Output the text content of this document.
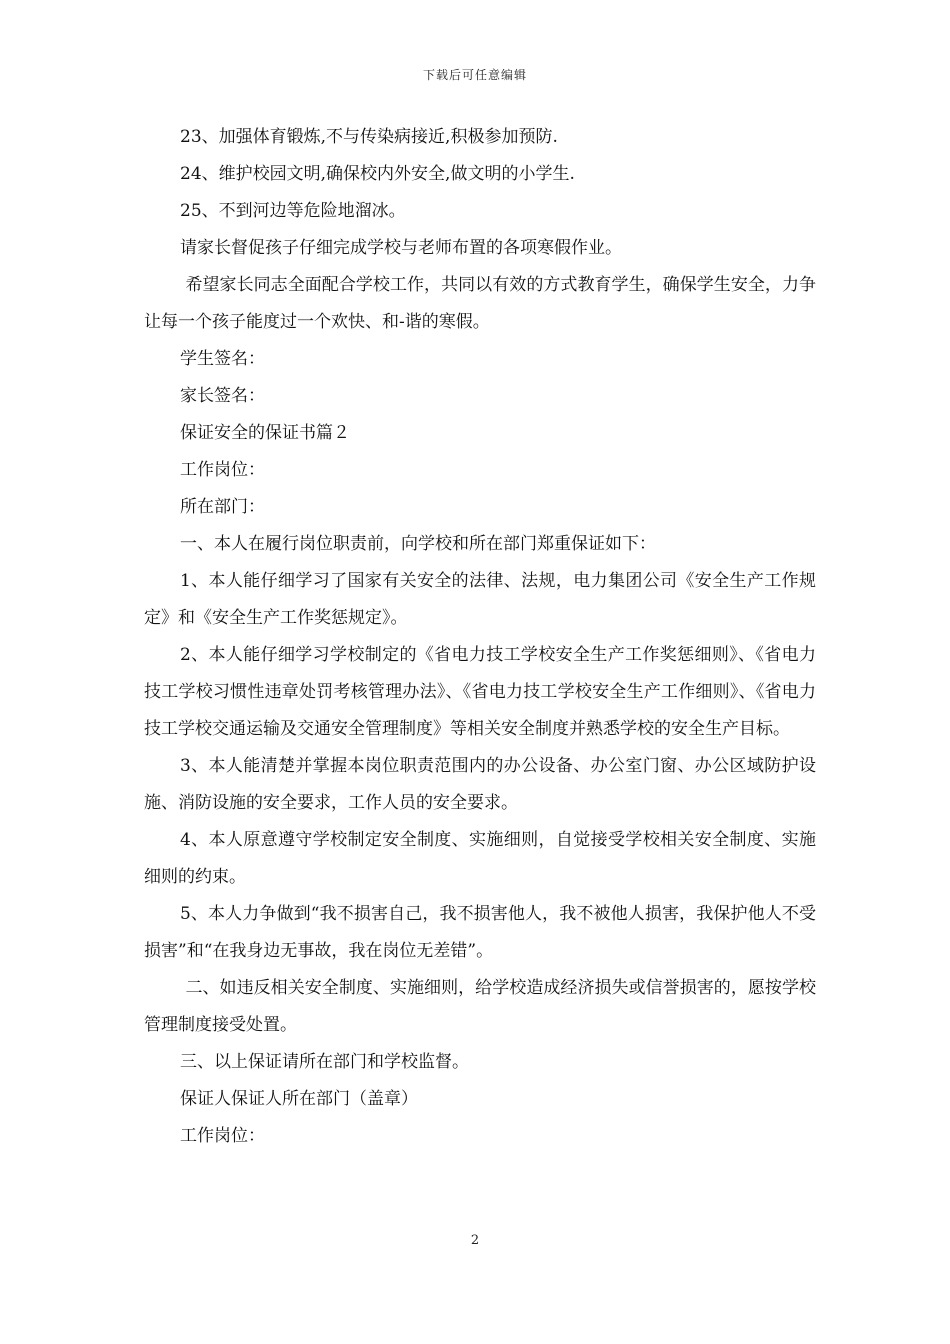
下载后可任意编辑

23、加强体育锻炼,不与传染病接近,积极参加预防.

24、维护校园文明,确保校内外安全,做文明的小学生.

25、不到河边等危险地溜冰。

请家长督促孩子仔细完成学校与老师布置的各项寒假作业。

希望家长同志全面配合学校工作，共同以有效的方式教育学生，确保学生安全，力争让每一个孩子能度过一个欢快、和-谐的寒假。

学生签名：

家长签名：

保证安全的保证书篇２

工作岗位：

所在部门：

一、本人在履行岗位职责前，向学校和所在部门郑重保证如下：

1、本人能仔细学习了国家有关安全的法律、法规，电力集团公司《安全生产工作规定》和《安全生产工作奖惩规定》。

2、本人能仔细学习学校制定的《省电力技工学校安全生产工作奖惩细则》、《省电力技工学校习惯性违章处罚考核管理办法》、《省电力技工学校安全生产工作细则》、《省电力技工学校交通运输及交通安全管理制度》等相关安全制度并熟悉学校的安全生产目标。

3、本人能清楚并掌握本岗位职责范围内的办公设备、办公室门窗、办公区域防护设施、消防设施的安全要求，工作人员的安全要求。

4、本人原意遵守学校制定安全制度、实施细则，自觉接受学校相关安全制度、实施细则的约束。

5、本人力争做到“我不损害自己，我不损害他人，我不被他人损害，我保护他人不受损害”和“在我身边无事故，我在岗位无差错”。

二、如违反相关安全制度、实施细则，给学校造成经济损失或信誉损害的，愿按学校管理制度接受处置。

三、以上保证请所在部门和学校监督。

保证人保证人所在部门（盖章）

工作岗位：

2
